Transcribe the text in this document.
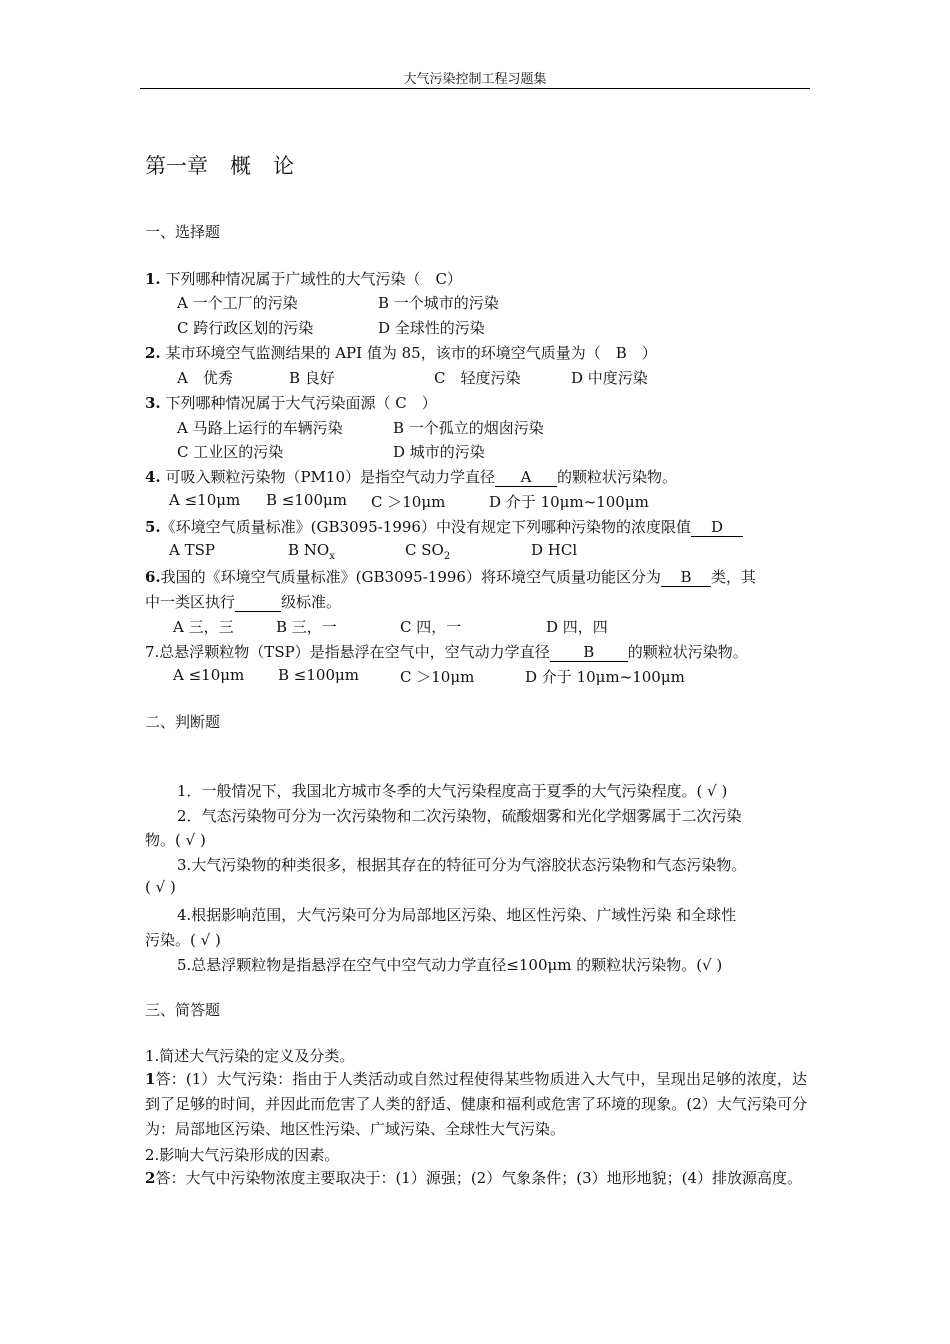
大气污染控制工程习题集
第一章 概 论
一、选择题
1. 下列哪种情况属于广域性的大气污染（　C）
A 一个工厂的污染	B 一个城市的污染
C 跨行政区划的污染	D 全球性的污染
2. 某市环境空气监测结果的 API 值为 85，该市的环境空气质量为（　B　）
A　优秀	B 良好	C　轻度污染	D 中度污染
3. 下列哪种情况属于大气污染面源（ C　）
A 马路上运行的车辆污染	B 一个孤立的烟囱污染
C 工业区的污染	D 城市的污染
4. 可吸入颗粒污染物（PM10）是指空气动力学直径 A 的颗粒状污染物。
A ≤10μm B ≤100μm C ＞10μm	D 介于 10μm~100μm
5.《环境空气质量标准》(GB3095-1996）中没有规定下列哪种污染物的浓度限值 D
A TSP	B $NO_x$	C $SO_2$	D HCl
6.我国的《环境空气质量标准》(GB3095-1996）将环境空气质量功能区分为 B 类，其
中一类区执行	级标准。
A 三，三	B 三，一	C 四，一	D 四，四
7.总悬浮颗粒物（TSP）是指悬浮在空气中，空气动力学直径 B 的颗粒状污染物。
A ≤10μm B ≤100μm	C ＞10μm	D 介于 10μm~100μm
二、判断题
1．一般情况下，我国北方城市冬季的大气污染程度高于夏季的大气污染程度。( √ )
2．气态污染物可分为一次污染物和二次污染物，硫酸烟雾和光化学烟雾属于二次污染
物。( √ )
3.大气污染物的种类很多，根据其存在的特征可分为气溶胶状态污染物和气态污染物。
( √ )
4.根据影响范围，大气污染可分为局部地区污染、地区性污染、广域性污染 和全球性
污染。( √ )
5.总悬浮颗粒物是指悬浮在空气中空气动力学直径≤100μm 的颗粒状污染物。(√ )
三、简答题
1.简述大气污染的定义及分类。
1答：(1）大气污染：指由于人类活动或自然过程使得某些物质进入大气中，呈现出足够的浓度，达到了足够的时间，并因此而危害了人类的舒适、健康和福利或危害了环境的现象。(2）大气污染可分为：局部地区污染、地区性污染、广域污染、全球性大气污染。
2.影响大气污染形成的因素。
2答：大气中污染物浓度主要取决于：(1）源强；(2）气象条件；(3）地形地貌；(4）排放源高度。
